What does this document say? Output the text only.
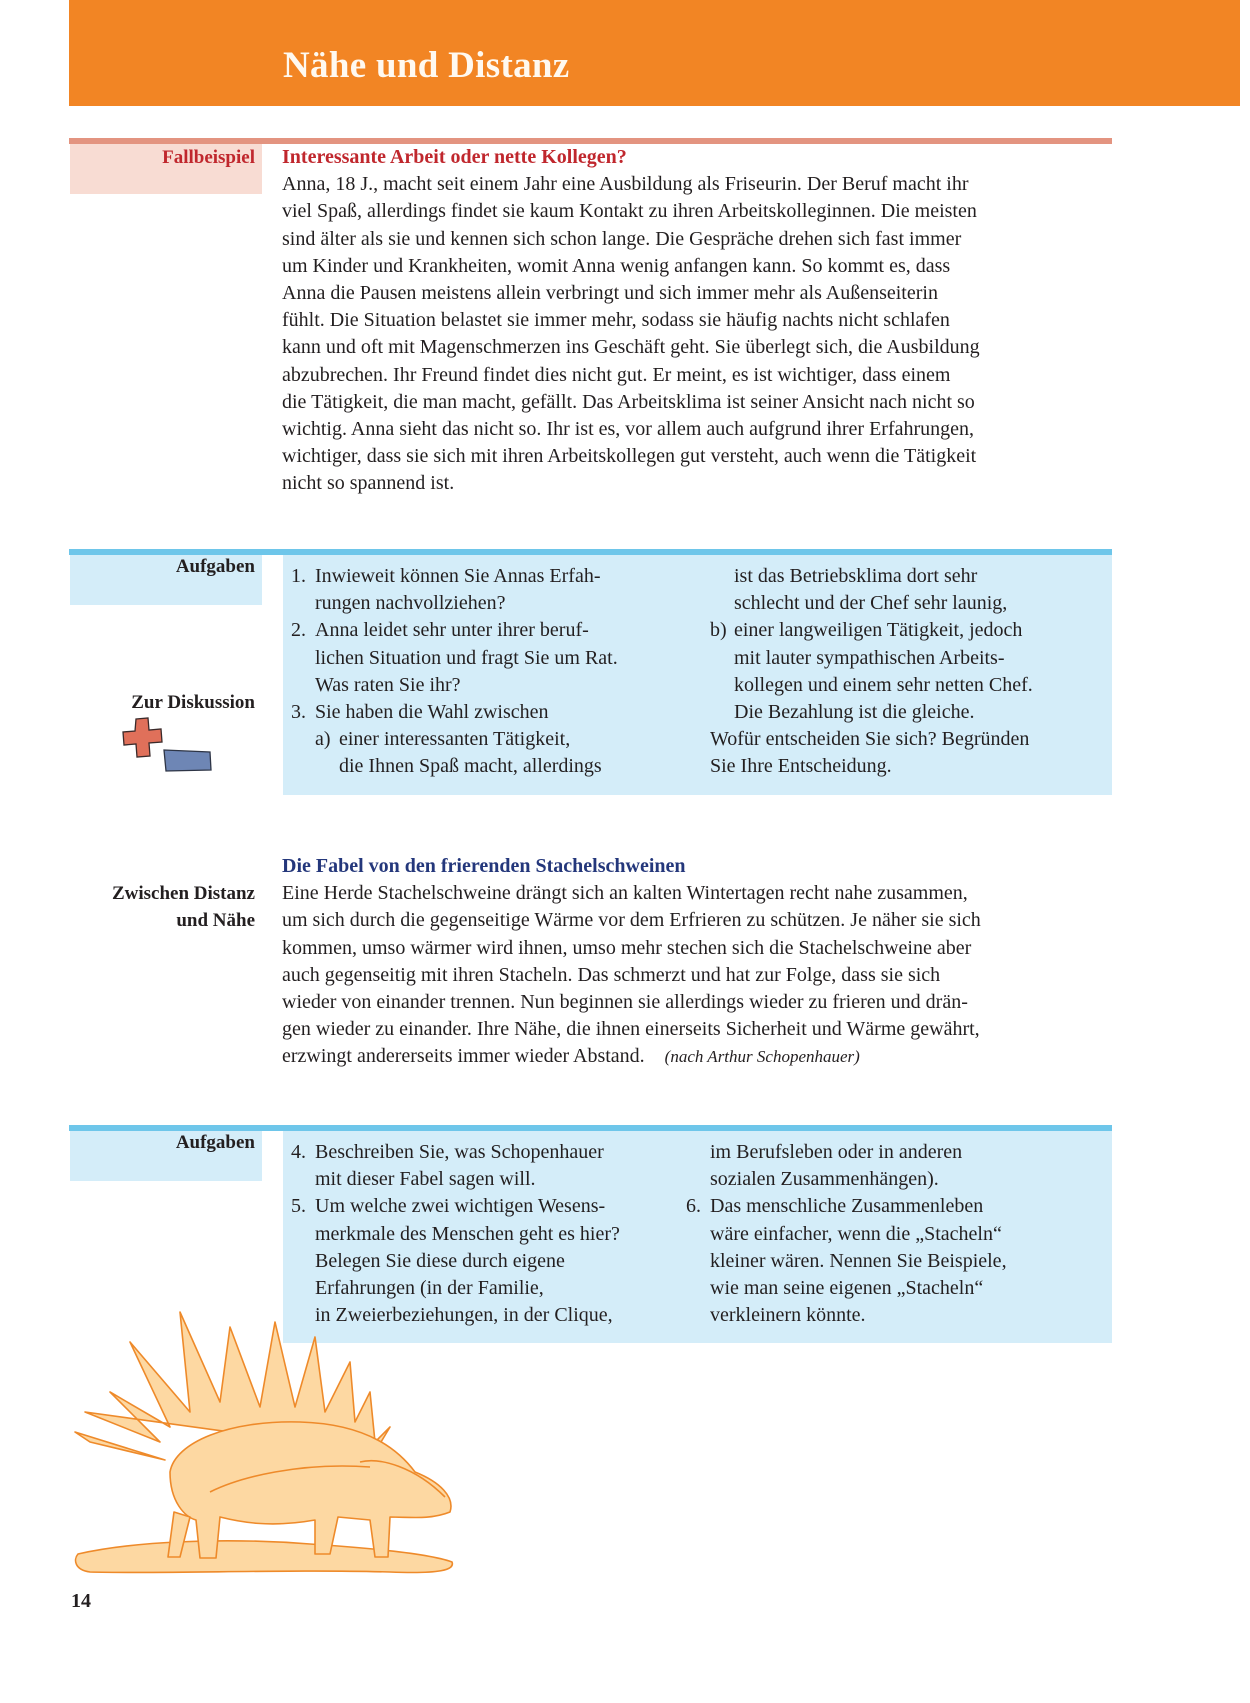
Nähe und Distanz
Fallbeispiel Interessante Arbeit oder nette Kollegen?
Anna, 18 J., macht seit einem Jahr eine Ausbildung als Friseurin. Der Beruf macht ihr
viel Spaß, allerdings findet sie kaum Kontakt zu ihren Arbeitskolleginnen. Die meisten
sind älter als sie und kennen sich schon lange. Die Gespräche drehen sich fast immer
um Kinder und Krankheiten, womit Anna wenig anfangen kann. So kommt es, dass
Anna die Pausen meistens allein verbringt und sich immer mehr als Außenseiterin
fühlt. Die Situation belastet sie immer mehr, sodass sie häufig nachts nicht schlafen
kann und oft mit Magenschmerzen ins Geschäft geht. Sie überlegt sich, die Ausbildung
abzubrechen. Ihr Freund findet dies nicht gut. Er meint, es ist wichtiger, dass einem
die Tätigkeit, die man macht, gefällt. Das Arbeitsklima ist seiner Ansicht nach nicht so
wichtig. Anna sieht das nicht so. Ihr ist es, vor allem auch aufgrund ihrer Erfahrungen,
wichtiger, dass sie sich mit ihren Arbeitskollegen gut versteht, auch wenn die Tätigkeit
nicht so spannend ist.
Aufgaben
Zur Diskussion
1. Inwieweit können Sie Annas Erfah-
rungen nachvollziehen?
2. Anna leidet sehr unter ihrer beruf-
lichen Situation und fragt Sie um Rat.
Was raten Sie ihr?
3. Sie haben die Wahl zwischen
a) einer interessanten Tätigkeit,
die Ihnen Spaß macht, allerdings
ist das Betriebsklima dort sehr
schlecht und der Chef sehr launig,
b) einer langweiligen Tätigkeit, jedoch
mit lauter sympathischen Arbeits-
kollegen und einem sehr netten Chef.
Die Bezahlung ist die gleiche.
Wofür entscheiden Sie sich? Begründen
Sie Ihre Entscheidung.
Zwischen Distanz
und Nähe
Die Fabel von den frierenden Stachelschweinen
Eine Herde Stachelschweine drängt sich an kalten Wintertagen recht nahe zusammen,
um sich durch die gegenseitige Wärme vor dem Erfrieren zu schützen. Je näher sie sich
kommen, umso wärmer wird ihnen, umso mehr stechen sich die Stachelschweine aber
auch gegenseitig mit ihren Stacheln. Das schmerzt und hat zur Folge, dass sie sich
wieder von einander trennen. Nun beginnen sie allerdings wieder zu frieren und drän-
gen wieder zu einander. Ihre Nähe, die ihnen einerseits Sicherheit und Wärme gewährt,
erzwingt andererseits immer wieder Abstand. (nach Arthur Schopenhauer)
Aufgaben 4. Beschreiben Sie, was Schopenhauer
mit dieser Fabel sagen will.
5. Um welche zwei wichtigen Wesens-
merkmale des Menschen geht es hier?
Belegen Sie diese durch eigene
Erfahrungen (in der Familie,
in Zweierbeziehungen, in der Clique,
im Berufsleben oder in anderen
sozialen Zusammenhängen).
6. Das menschliche Zusammenleben
wäre einfacher, wenn die „Stacheln“
kleiner wären. Nennen Sie Beispiele,
wie man seine eigenen „Stacheln“
verkleinern könnte.
14
